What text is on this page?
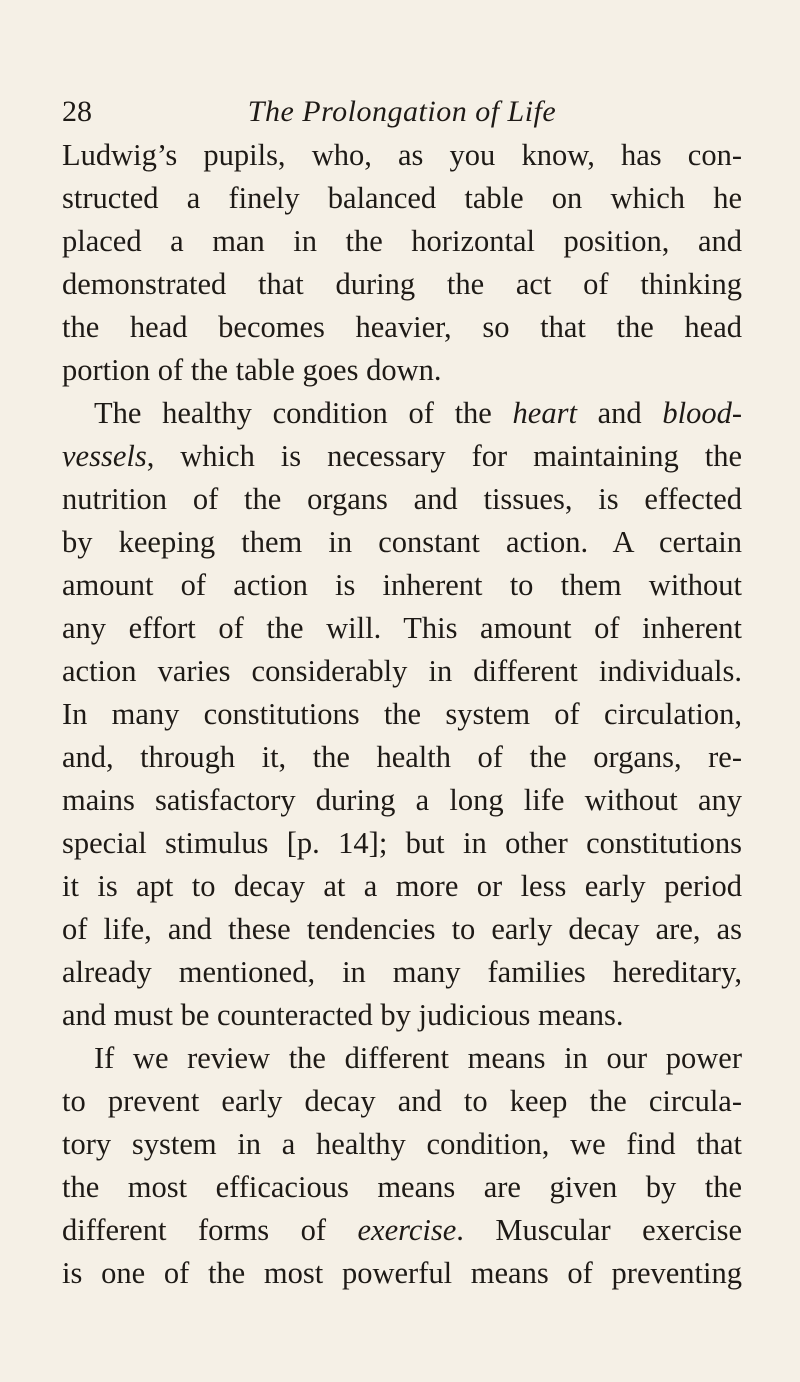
28	The Prolongation of Life
Ludwig’s pupils, who, as you know, has con-
structed a finely balanced table on which he
placed a man in the horizontal position, and
demonstrated that during the act of thinking
the head becomes heavier, so that the head
portion of the table goes down.
The healthy condition of the heart and blood-
vessels, which is necessary for maintaining the
nutrition of the organs and tissues, is effected
by keeping them in constant action. A certain
amount of action is inherent to them without
any effort of the will. This amount of inherent
action varies considerably in different individuals.
In many constitutions the system of circulation,
and, through it, the health of the organs, re-
mains satisfactory during a long life without any
special stimulus [p. 14]; but in other constitutions
it is apt to decay at a more or less early period
of life, and these tendencies to early decay are, as
already mentioned, in many families hereditary,
and must be counteracted by judicious means.
If we review the different means in our power
to prevent early decay and to keep the circula-
tory system in a healthy condition, we find that
the most efficacious means are given by the
different forms of exercise. Muscular exercise
is one of the most powerful means of preventing
